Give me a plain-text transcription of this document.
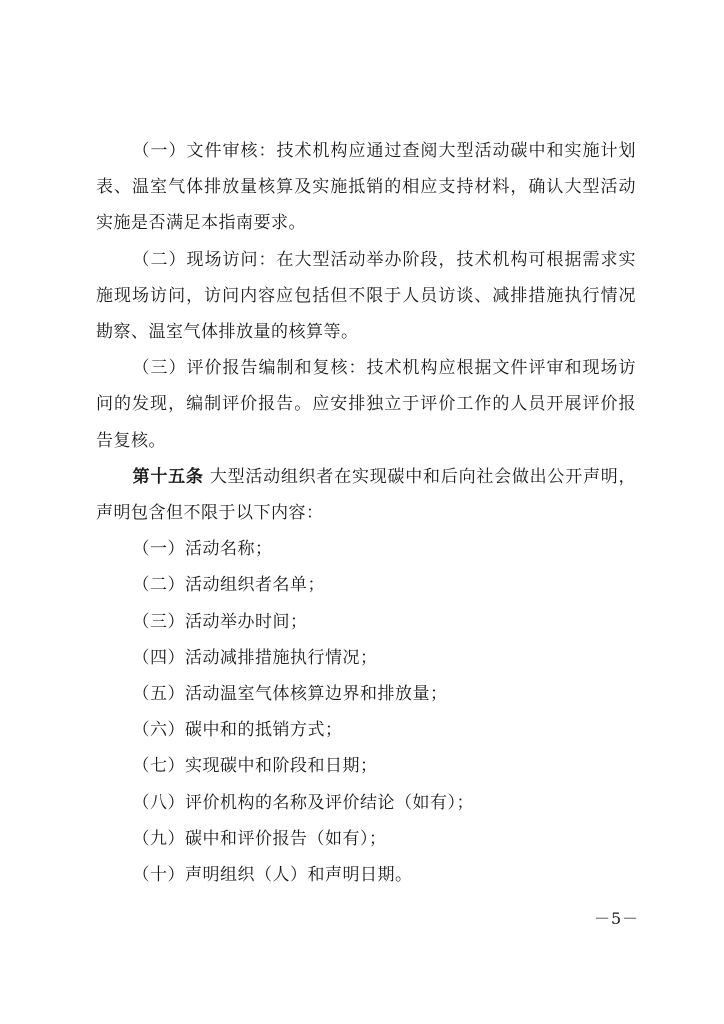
（一）文件审核：技术机构应通过查阅大型活动碳中和实施计划表、温室气体排放量核算及实施抵销的相应支持材料，确认大型活动实施是否满足本指南要求。

（二）现场访问：在大型活动举办阶段，技术机构可根据需求实施现场访问，访问内容应包括但不限于人员访谈、减排措施执行情况勘察、温室气体排放量的核算等。

（三）评价报告编制和复核：技术机构应根据文件评审和现场访问的发现，编制评价报告。应安排独立于评价工作的人员开展评价报告复核。

第十五条 大型活动组织者在实现碳中和后向社会做出公开声明，声明包含但不限于以下内容：

（一）活动名称；

（二）活动组织者名单；

（三）活动举办时间；

（四）活动减排措施执行情况；

（五）活动温室气体核算边界和排放量；

（六）碳中和的抵销方式；

（七）实现碳中和阶段和日期；

（八）评价机构的名称及评价结论（如有）；

（九）碳中和评价报告（如有）；

（十）声明组织（人）和声明日期。

－5－
